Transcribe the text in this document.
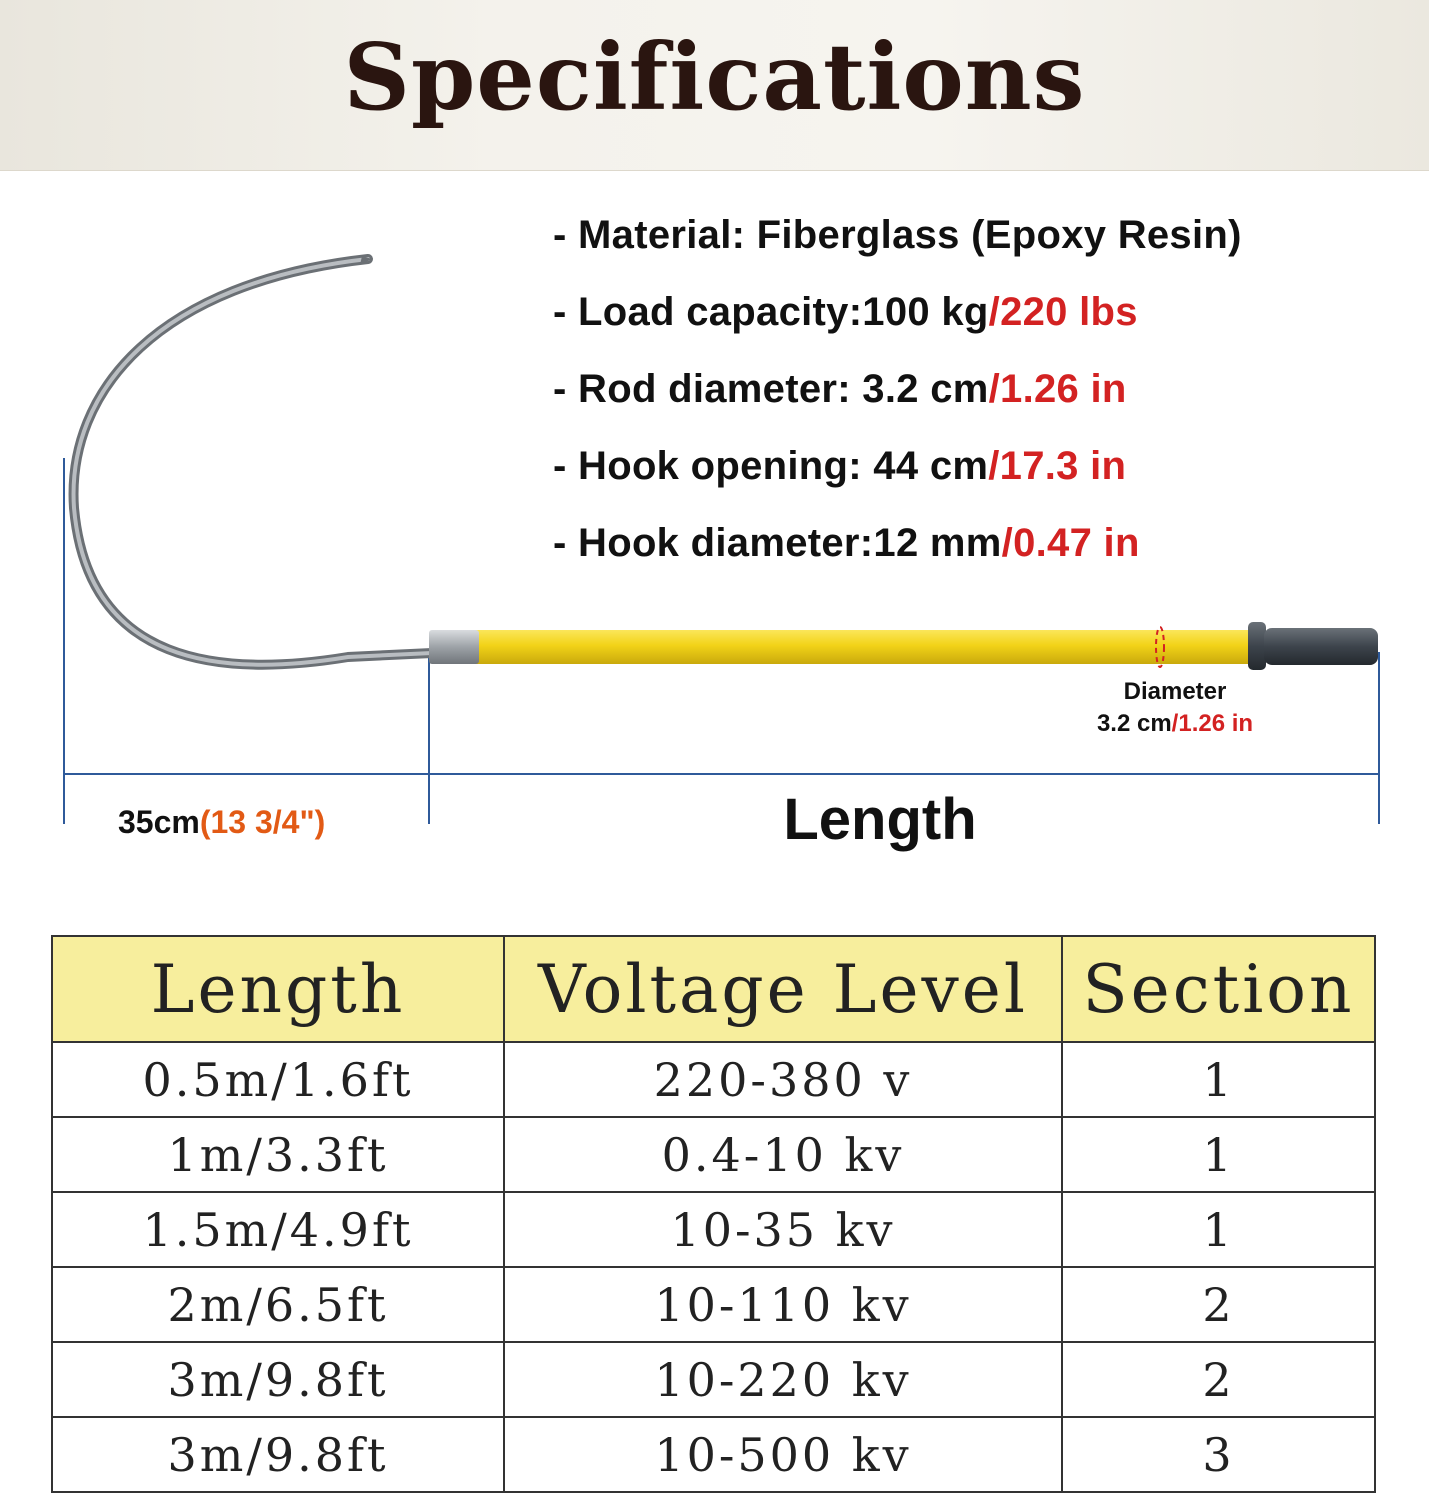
Specifications
Diameter
3.2 cm/1.26 in
35cm(13 3/4")	Length
- Material: Fiberglass (Epoxy Resin)
- Load capacity:100 kg/220 lbs
- Rod diameter: 3.2 cm/1.26 in
- Hook opening: 44 cm/17.3 in
- Hook diameter:12 mm/0.47 in
Length	Voltage Level	Section
0.5m/1.6ft	220-380 v	1
1m/3.3ft	0.4-10 kv	1
1.5m/4.9ft	10-35 kv	1
2m/6.5ft	10-110 kv	2
3m/9.8ft	10-220 kv	2
3m/9.8ft	10-500 kv	3
